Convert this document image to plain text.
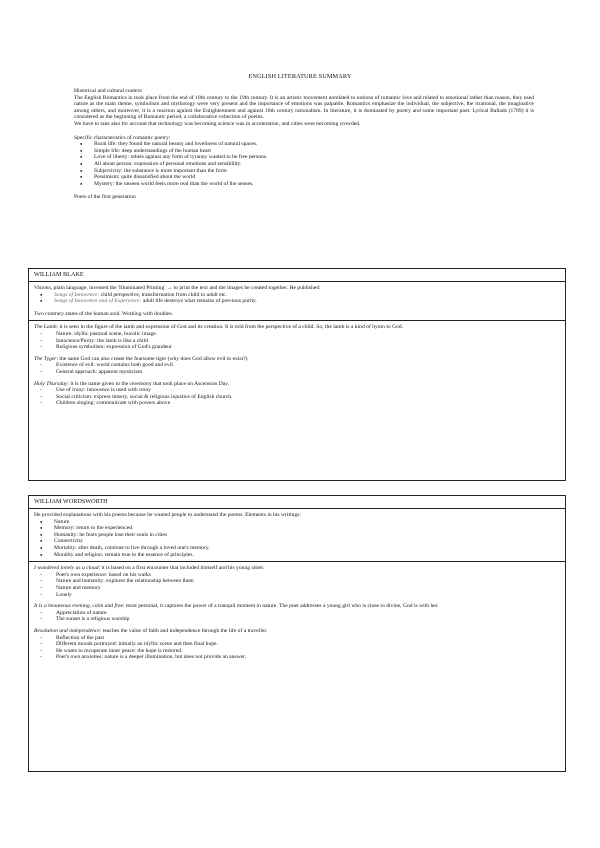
ENGLISH LITERATURE SUMMARY

Historical and cultural context

The English Romantics in took place from the end of 18th century to the 19th century. It is an artistic movement unrelated to notions of romantic love and related to emotional rather than reason, they used nature as the main theme, symbolism and mythology were very present and the importance of emotions was palpable. Romantics emphasize the individual, the subjective, the irrational, the imaginative among others, and moreover, it is a reaction against the Enlightenment and against 18th century rationalism. In literature, it is dominated by poetry and some important poet. Lyrical Ballads (1789) it is considered as the beginning of Romantic period, a collaborative collection of poems.

We have to take also for account that technology was becoming science was in acceleration, and cities were becoming crowded.

Specific characteristics of romantic poetry:

● Rural life: they found the natural beauty and loveliness of natural spaces.
● Simple life: deep understandings of the human heart
● Love of liberty: rebels against any form of tyranny wanted to be free persons.
● All about person: expression of personal emotions and sensibility.
● Subjectivity: the substance is more important than the form
● Pessimism: quite dissatisfied about the world
● Mystery: the unseen world feels more real than the world of the senses.

Poets of the first generation

WILLIAM BLAKE

Visions, plain language, invented the 'Illuminated Printing' → to print the text and the images he created together. He published:

● Songs of Innocence: child perspective, transformation from child to adult etc.
● Songs of Innocence and of Experience: adult life destroys what remains of previous purity.

Two contrary states of the human soul. Working with doubles.

The Lamb: it is seen in the figure of the lamb and expression of God and its creation. It is told from the perspective of a child. So, the lamb is a kind of hymn to God.

- Nature: idyllic pastoral scene, bucolic image.
- Innocence/Purity: the lamb is like a child
- Religious symbolism: expression of God's grandeur

The Tyger: the same God can also create the fearsome tiger (why does God allow evil to exist?)

- Existence of evil: world contains both good and evil.
- General approach: apparent mysticism

Holy Thursday: it is the name given to the ceremony that took place on Ascension Day.

- Use of irony: innocence is used with irony
- Social criticism: express misery, social & religious injustice of English church.
- Children singing: communicate with powers above
WILLIAM WORDSWORTH

He provided explanations with his poems because he wanted people to understand the poems. Elements in his writings:

● Nature
● Memory: return to the experienced.
● Humanity: he fears people lose their souls in cities
● Connectivity
● Mortality: after death, continue to live through a loved one's memory.
● Morality and religion: remain true to the essence of principles.

I wandered lonely as a cloud: it is based on a first encounter that included himself and his young sister.

- Poet's own experience: based on his walks
- Nature and humanity: explores the relationship between them
- Nature and memory
- Lonely

It is a beauteous evening, calm and free: most personal, it captures the power of a tranquil moment in nature. The poet addresses a young girl who is close to divine, God is with her.

- Appreciation of nature
- The sunset is a religious worship

Resolution and independence: teaches the value of faith and independence through the life of a traveller.

- Reflection of the past
- Different moods portrayed: initially an idyllic scene and then final hope.
- He wants to recuperate inner peace: the hope is restored.
- Poet's own anxieties: nature is a deeper illumination, but does not provide an answer.
